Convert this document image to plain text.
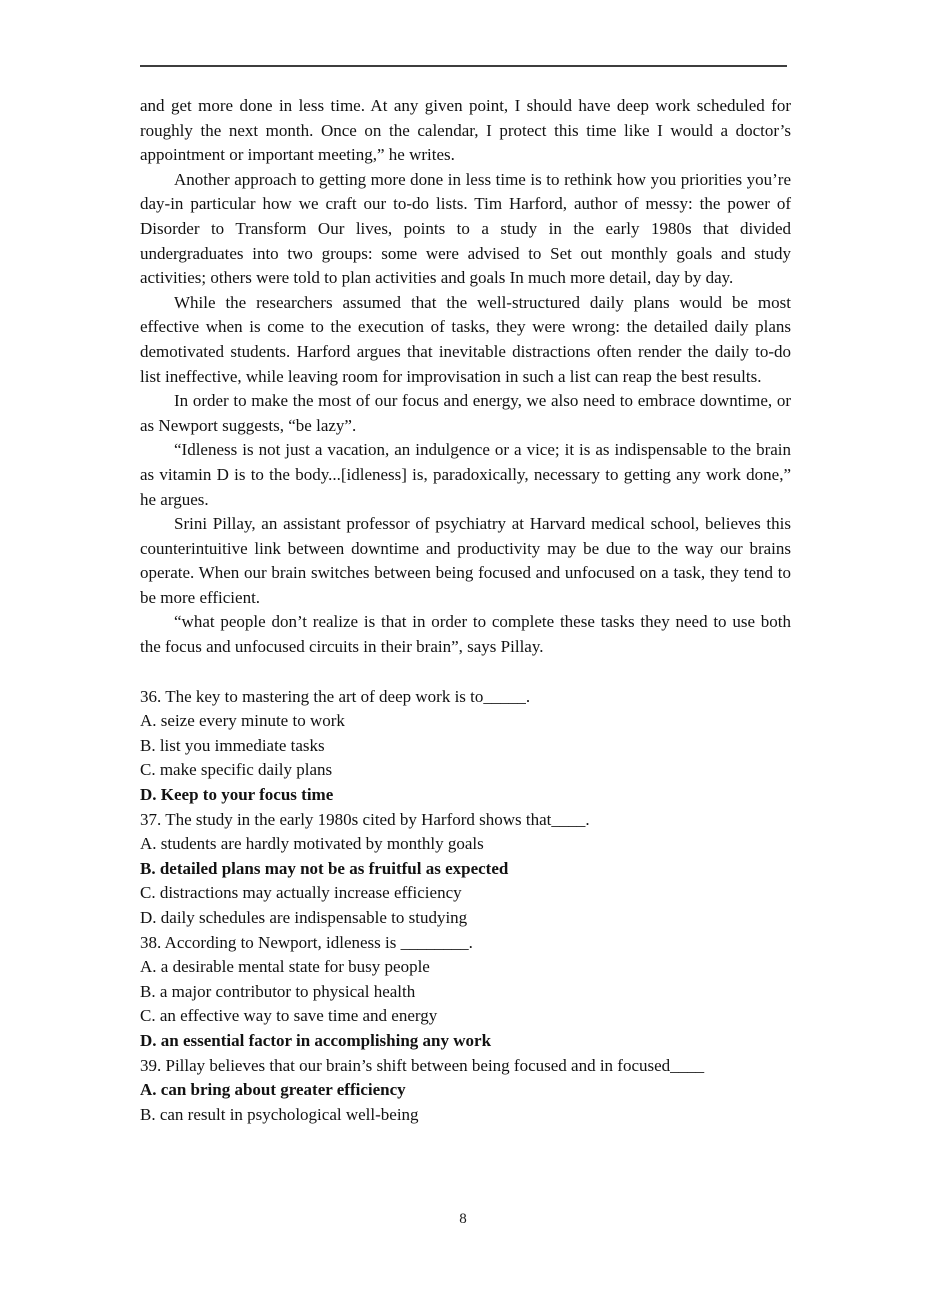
and get more done in less time. At any given point, I should have deep work scheduled for roughly the next month. Once on the calendar, I protect this time like I would a doctor’s appointment or important meeting,” he writes.

Another approach to getting more done in less time is to rethink how you priorities you’re day-in particular how we craft our to-do lists. Tim Harford, author of messy: the power of Disorder to Transform Our lives, points to a study in the early 1980s that divided undergraduates into two groups: some were advised to Set out monthly goals and study activities; others were told to plan activities and goals In much more detail, day by day.

While the researchers assumed that the well-structured daily plans would be most effective when is come to the execution of tasks, they were wrong: the detailed daily plans demotivated students. Harford argues that inevitable distractions often render the daily to-do list ineffective, while leaving room for improvisation in such a list can reap the best results.

In order to make the most of our focus and energy, we also need to embrace downtime, or as Newport suggests, “be lazy”.

“Idleness is not just a vacation, an indulgence or a vice; it is as indispensable to the brain as vitamin D is to the body...[idleness] is, paradoxically, necessary to getting any work done,” he argues.

Srini Pillay, an assistant professor of psychiatry at Harvard medical school, believes this counterintuitive link between downtime and productivity may be due to the way our brains operate. When our brain switches between being focused and unfocused on a task, they tend to be more efficient.

“what people don’t realize is that in order to complete these tasks they need to use both the focus and unfocused circuits in their brain”, says Pillay.

36. The key to mastering the art of deep work is to_____.
A. seize every minute to work
B. list you immediate tasks
C. make specific daily plans
D. Keep to your focus time
37. The study in the early 1980s cited by Harford shows that____.
A. students are hardly motivated by monthly goals
B. detailed plans may not be as fruitful as expected
C. distractions may actually increase efficiency
D. daily schedules are indispensable to studying
38. According to Newport, idleness is ________.
A. a desirable mental state for busy people
B. a major contributor to physical health
C. an effective way to save time and energy
D. an essential factor in accomplishing any work
39. Pillay believes that our brain’s shift between being focused and in focused____
A. can bring about greater efficiency
B. can result in psychological well-being
8
